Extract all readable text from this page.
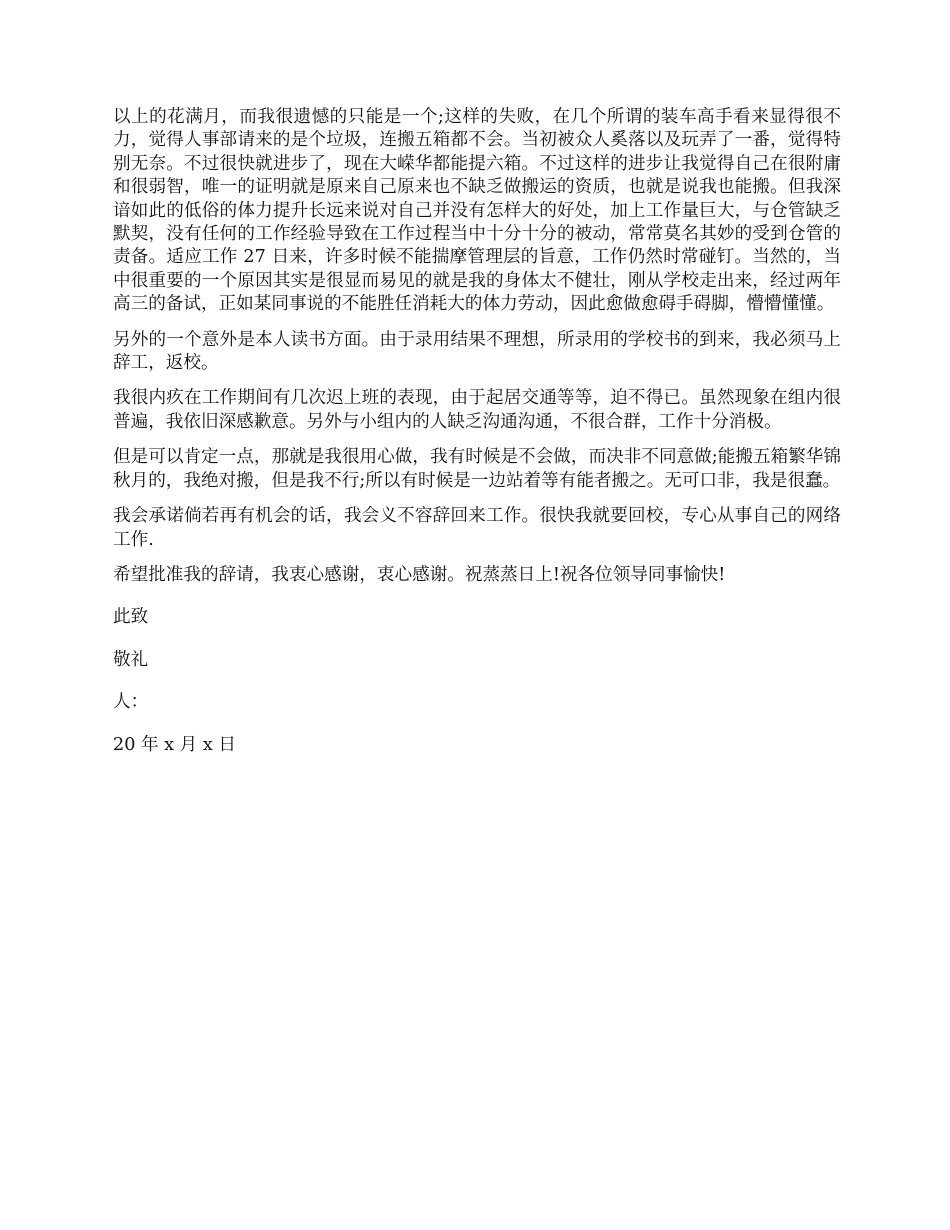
以上的花满月，而我很遗憾的只能是一个;这样的失败，在几个所谓的装车高手看来显得很不力，觉得人事部请来的是个垃圾，连搬五箱都不会。当初被众人奚落以及玩弄了一番，觉得特别无奈。不过很快就进步了，现在大嵘华都能提六箱。不过这样的进步让我觉得自己在很附庸和很弱智，唯一的证明就是原来自己原来也不缺乏做搬运的资质，也就是说我也能搬。但我深谙如此的低俗的体力提升长远来说对自己并没有怎样大的好处，加上工作量巨大，与仓管缺乏默契，没有任何的工作经验导致在工作过程当中十分十分的被动，常常莫名其妙的受到仓管的责备。适应工作 27 日来，许多时候不能揣摩管理层的旨意，工作仍然时常碰钉。当然的，当中很重要的一个原因其实是很显而易见的就是我的身体太不健壮，刚从学校走出来，经过两年高三的备试，正如某同事说的不能胜任消耗大的体力劳动，因此愈做愈碍手碍脚，懵懵懂懂。

另外的一个意外是本人读书方面。由于录用结果不理想，所录用的学校书的到来，我必须马上辞工，返校。

我很内疚在工作期间有几次迟上班的表现，由于起居交通等等，迫不得已。虽然现象在组内很普遍，我依旧深感歉意。另外与小组内的人缺乏沟通沟通，不很合群，工作十分消极。

但是可以肯定一点，那就是我很用心做，我有时候是不会做，而决非不同意做;能搬五箱繁华锦秋月的，我绝对搬，但是我不行;所以有时候是一边站着等有能者搬之。无可口非，我是很蠢。

我会承诺倘若再有机会的话，我会义不容辞回来工作。很快我就要回校，专心从事自己的网络工作.

希望批准我的辞请，我衷心感谢，衷心感谢。祝蒸蒸日上!祝各位领导同事愉快!

此致

敬礼

人：

20 年 x 月 x 日
